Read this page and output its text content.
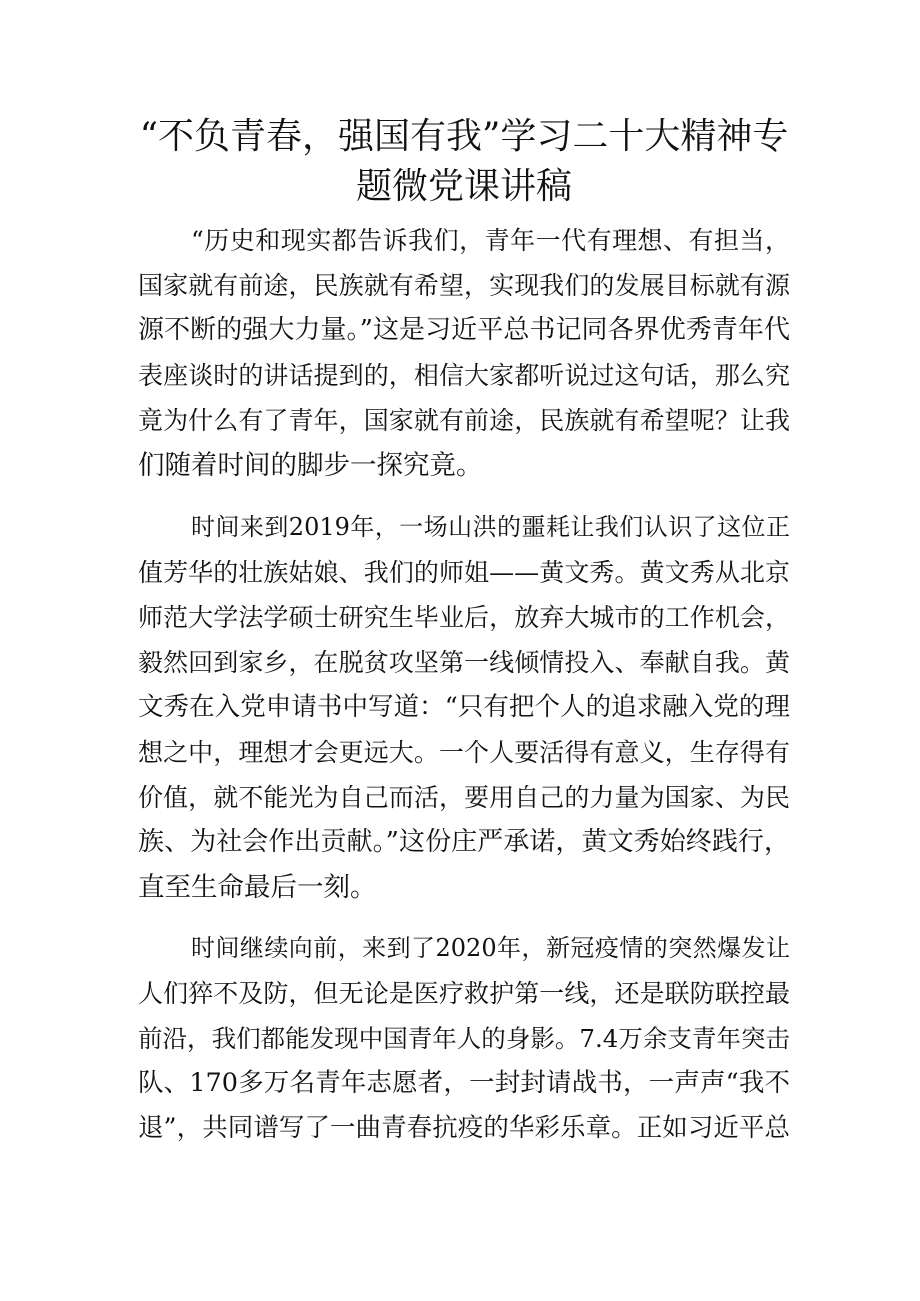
“不负青春，强国有我”学习二十大精神专
题微党课讲稿
“历史和现实都告诉我们，青年一代有理想、有担当，
国家就有前途，民族就有希望，实现我们的发展目标就有源
源不断的强大力量。”这是习近平总书记同各界优秀青年代
表座谈时的讲话提到的，相信大家都听说过这句话，那么究
竟为什么有了青年，国家就有前途，民族就有希望呢？让我
们随着时间的脚步一探究竟。
时间来到2019年，一场山洪的噩耗让我们认识了这位正
值芳华的壮族姑娘、我们的师姐——黄文秀。黄文秀从北京
师范大学法学硕士研究生毕业后，放弃大城市的工作机会，
毅然回到家乡，在脱贫攻坚第一线倾情投入、奉献自我。黄
文秀在入党申请书中写道：“只有把个人的追求融入党的理
想之中，理想才会更远大。一个人要活得有意义，生存得有
价值，就不能光为自己而活，要用自己的力量为国家、为民
族、为社会作出贡献。”这份庄严承诺，黄文秀始终践行，
直至生命最后一刻。
时间继续向前，来到了2020年，新冠疫情的突然爆发让
人们猝不及防，但无论是医疗救护第一线，还是联防联控最
前沿，我们都能发现中国青年人的身影。7.4万余支青年突击
队、170多万名青年志愿者，一封封请战书，一声声“我不
退”，共同谱写了一曲青春抗疫的华彩乐章。正如习近平总
